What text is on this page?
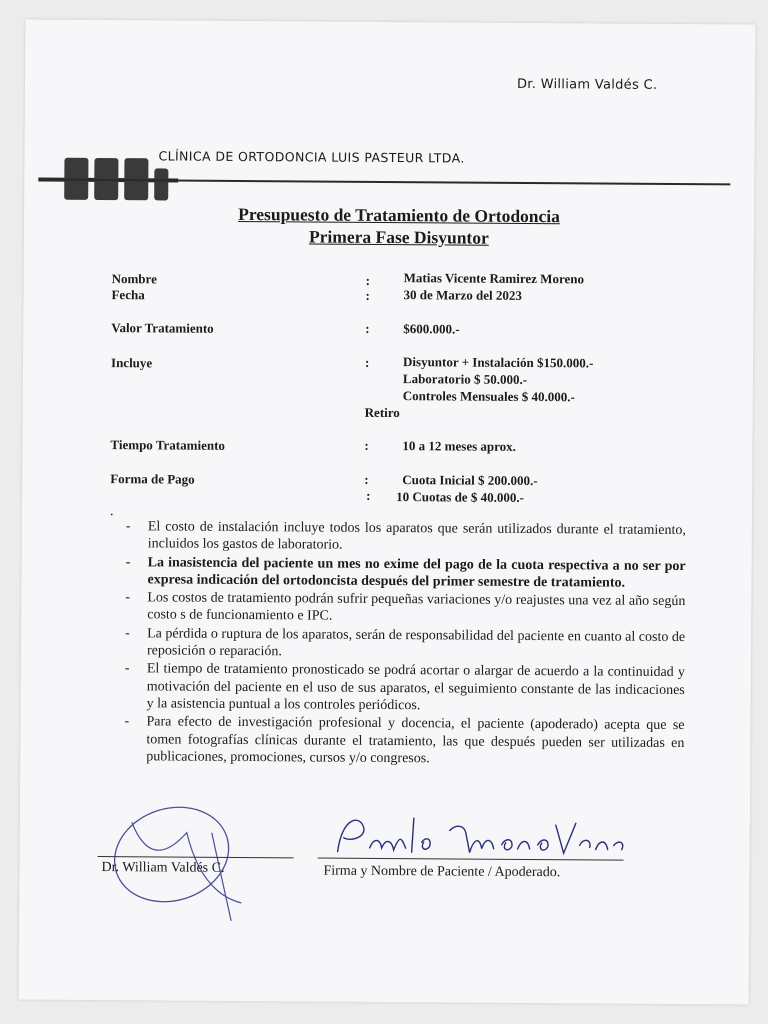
Dr. William Valdés C.
CLÍNICA DE ORTODONCIA LUIS PASTEUR LTDA.
Presupuesto de Tratamiento de Ortodoncia
Primera Fase Disyuntor
Nombre	:	Matias Vicente Ramirez Moreno
Fecha	:	30 de Marzo del 2023
Valor Tratamiento	:	$600.000.-
Incluye	:	Disyuntor + Instalación $150.000.-
Laboratorio $ 50.000.-
Controles Mensuales $ 40.000.-
Retiro
Tiempo Tratamiento	:	10 a 12 meses aprox.
Forma de Pago	:	Cuota Inicial $ 200.000.-
: 10 Cuotas de $ 40.000.-
.
- El costo de instalación incluye todos los aparatos que serán utilizados durante el tratamiento, incluidos los gastos de laboratorio.
- La inasistencia del paciente un mes no exime del pago de la cuota respectiva a no ser por expresa indicación del ortodoncista después del primer semestre de tratamiento.
- Los costos de tratamiento podrán sufrir pequeñas variaciones y/o reajustes una vez al año según costo s de funcionamiento e IPC.
- La pérdida o ruptura de los aparatos, serán de responsabilidad del paciente en cuanto al costo de reposición o reparación.
- El tiempo de tratamiento pronosticado se podrá acortar o alargar de acuerdo a la continuidad y motivación del paciente en el uso de sus aparatos, el seguimiento constante de las indicaciones y la asistencia puntual a los controles periódicos.
- Para efecto de investigación profesional y docencia, el paciente (apoderado) acepta que se tomen fotografías clínicas durante el tratamiento, las que después pueden ser utilizadas en publicaciones, promociones, cursos y/o congresos.
Dr. William Valdés C.	Firma y Nombre de Paciente / Apoderado.
